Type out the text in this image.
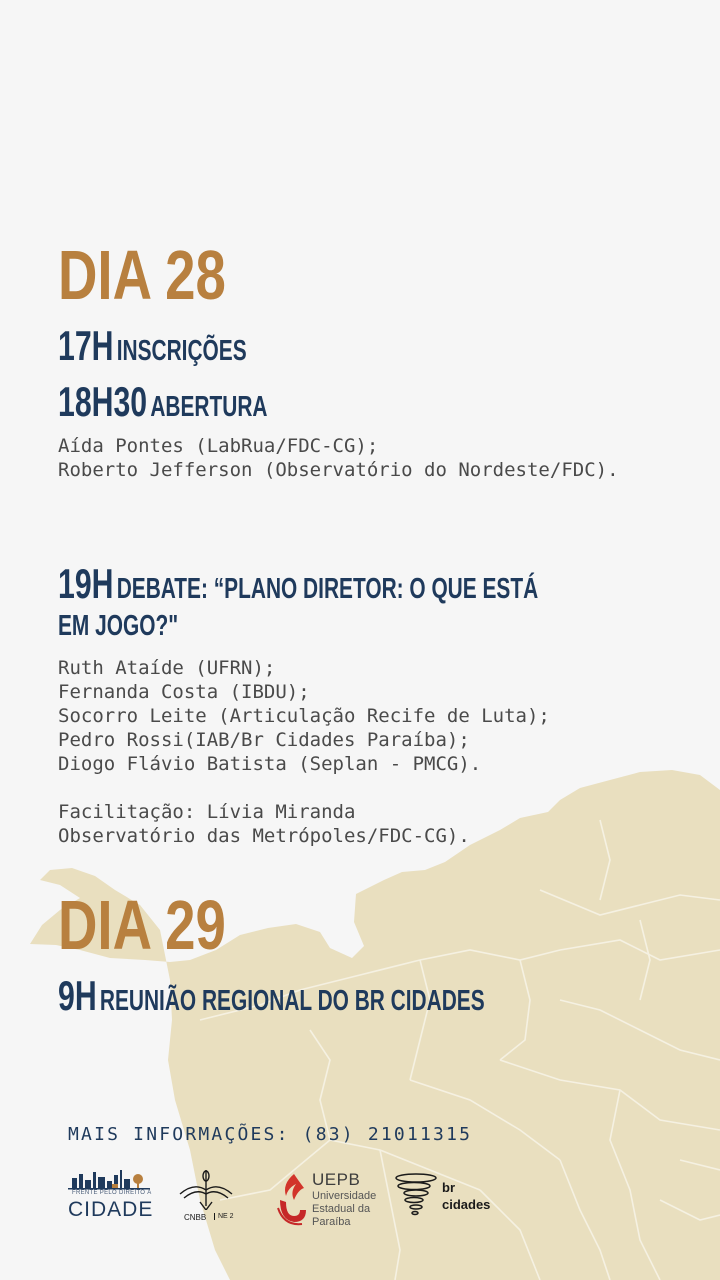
DIA 28
17H INSCRIÇÕES
18H30 ABERTURA
Aída Pontes (LabRua/FDC-CG);
Roberto Jefferson (Observatório do Nordeste/FDC).
19H DEBATE: “PLANO DIRETOR: O QUE ESTÁ
EM JOGO?"
Ruth Ataíde (UFRN);
Fernanda Costa (IBDU);
Socorro Leite (Articulação Recife de Luta);
Pedro Rossi(IAB/Br Cidades Paraíba);
Diogo Flávio Batista (Seplan - PMCG).
Facilitação: Lívia Miranda
Observatório das Metrópoles/FDC-CG).
DIA 29
9H REUNIÃO REGIONAL DO BR CIDADES
MAIS INFORMAÇÕES: (83) 21011315
FRENTE PELO DIREITO À
CIDADE	CNBB	NE 2
UEPB
Universidade
Estadual da
Paraíba
br
cidades
